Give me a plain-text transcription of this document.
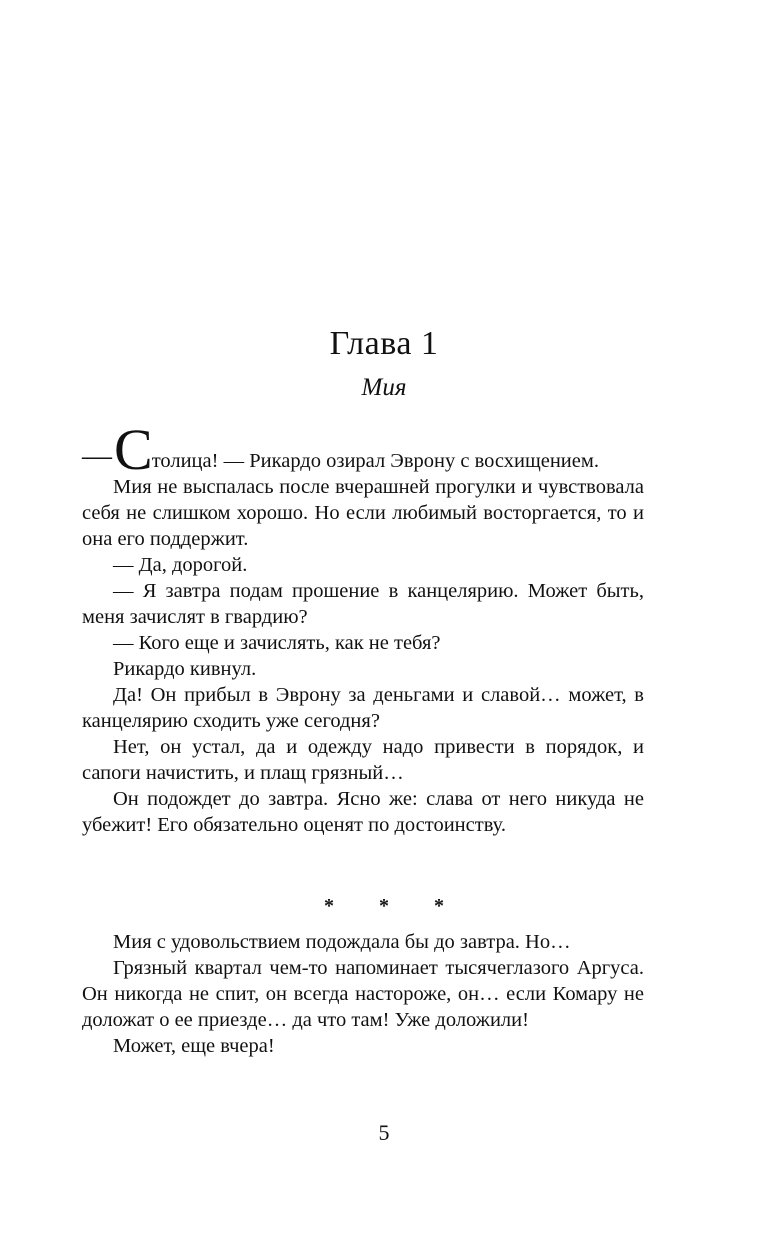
Глава 1
Мия

—Столица! — Рикардо озирал Эврону с восхищением.

Мия не выспалась после вчерашней прогулки и чувствовала себя не слишком хорошо. Но если любимый восторгается, то и она его поддержит.

— Да, дорогой.

— Я завтра подам прошение в канцелярию. Может быть, меня зачислят в гвардию?

— Кого еще и зачислять, как не тебя?

Рикардо кивнул.

Да! Он прибыл в Эврону за деньгами и славой… может, в канцелярию сходить уже сегодня?

Нет, он устал, да и одежду надо привести в порядок, и сапоги начистить, и плащ грязный…

Он подождет до завтра. Ясно же: слава от него никуда не убежит! Его обязательно оценят по достоинству.

* * *

Мия с удовольствием подождала бы до завтра. Но…

Грязный квартал чем-то напоминает тысячеглазого Аргуса. Он никогда не спит, он всегда настороже, он… если Комару не доложат о ее приезде… да что там! Уже доложили!

Может, еще вчера!

5
